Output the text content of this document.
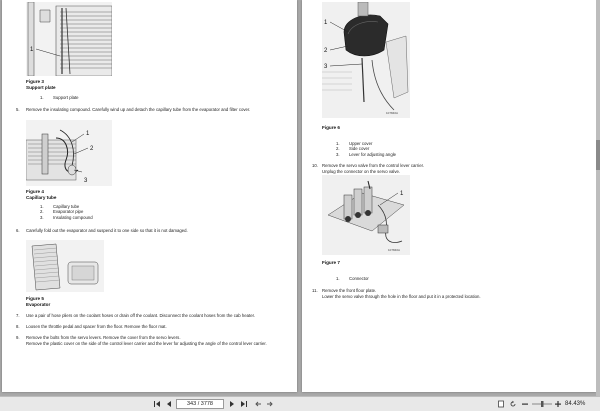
1
Figure 3
Support plate
1.	Support plate
5. Remove the insulating compound. Carefully wind up and detach the capillary tube from the evaporator and filter cover.
1
2
3
Figure 4
Capillary tube
1.	Capillary tube
2.	Evaporator pipe
3.	Insulating compound
6. Carefully fold out the evaporator and suspend it to one side so that it is not damaged.
Figure 5
Evaporator
7. Use a pair of hose pliers on the coolant hoses or drain off the coolant. Disconnect the coolant hoses from the cab heater.
8. Loosen the throttle pedal and spacer from the floor. Remove the floor mat.
9. Remove the bolts from the servo levers. Remove the cover from the servo levers.
Remove the plastic cover on the side of the control lever carrier and the lever for adjusting the angle of the control lever carrier.
1
2
3
107840A
Figure 6
1.	Upper cover
2.	Side cover
3.	Lever for adjusting angle
10. Remove the servo valve from the control lever carrier.
Unplug the connector on the servo valve.
1
107840A
Figure 7
1.	Connector
11. Remove the front floor plate.
Lower the servo valve through the hole in the floor and put it in a protected location.
343 / 3778	84.43%
